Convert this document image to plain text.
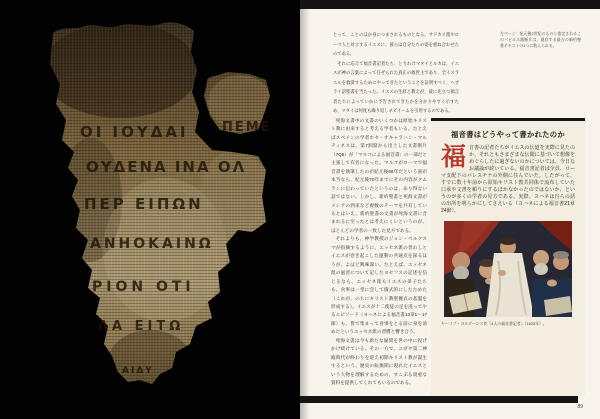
ΟΙ ΙΟΥΔΑΙ	ΠΕΜΕ
ΟΥΔΕΝΑ ΙΝΑ ΟΛ
ΠΕΡ ΕΙΠΩΝ
ΑΝΗΟΚΑΙΝΩ
ΡΙΟΝ ΟΤΙ
ΛΑ ΕΙΤΩ
ΑΙΔΥ

とって、ことのほか身につまされるものとなる。サドカイ派やローマ人と対立するイエスに、彼らは自分たちの姿を重ね合わせたのである。

それに応えて福音書記者たち、とりわけマタイとルカは、イエスが神の言葉によって任ぜられた真正の救世主であり、全イスラエルを救済するためにやってきたということを証明すべく、ヘブライ語聖書を当たった。イエスの生涯と教えが、彼に先立つ預言者たちによっていかに予告されてきたかを分かりやすく示すため、マタイは何度も繰り返しネビイームを引用するのである。

死海文書中の文書のいくつかは原始キリスト教に由来すると考える学者もいる。たとえばスペインの学者ホセ・オキャラハン・マルティネスは、第7洞窟から出土した文書断片（7Q5）が「マルコによる福音書」の一部だと主張して有名になった。マルコがローマで福音書を執筆したのが紀元後66年だという説が本当なら、紀元後70年までにその内容がクムランに伝わっていたというのは、あり得ない話ではない。しかし、新約聖書と死海文書がメシアの到来など複数のテーマを共有しているとはいえ、新約聖書の文書が死海文書に含まれるに至ったとは考えにくいというのが、ほとんどの学者の一致した見方である。

それよりも、神学教授のジョン・ベルクスマが指摘するように、エッセネ派の習わしとイエスが巻き起こした運動の共通点を探るほうが、よほど興味深い。たとえば、エッセネ派の風習について記したヨセフスの記述を信じるなら、エッセネ派もイエスの弟子たちも、食事は一堂に会して儀式的にしたためた（これが、のちにキリスト教聖餐式の基盤を形成する）。イエスが十二使徒の足を洗ってやるエピソード（ヨハネによる福音書13章1〜17節）も、皆で集まって食事をとる前に身を清めたというエッセネ派の習慣と響き合う。

死海文書は今も新たな疑問を世の中に投げかけ続けている。その一方で、ユダヤ第二神殿時代が終わりを迎え初期キリスト教が誕生するという、歴史の転換期に現れたイエスという人物を理解するための、すこぶる貴重な資料を提供してくれてもいるのである。

左ページ：紀元後2世紀のものと推定されるこのパピルス紙断片は、現存する最古の新約聖書テキストの1つに数えられる。
福音書はどうやって書かれたのか
福音書の記者たちがイエスの伝道を実際に見たのか、それともさまざまな伝聞に基づいて想像をめぐらしたに過ぎないのかについては、今日なお議論が続いている。福音書記者は全員、ローマ支配下のパレスチナの外側に住んでいた。したがって、すでに数十年前から原始キリスト教共同体で流布していた口承や文書を頼りにするほかなかったのではないか、というのが多くの学者の見方である。実際、ヨハネは自らの話の出所を明らかにしてさえいる（ヨハネによる福音書21章24節）。
ヤーコプ・ヨルダーンス作『4人の福音書記者』（1625年）。
89
